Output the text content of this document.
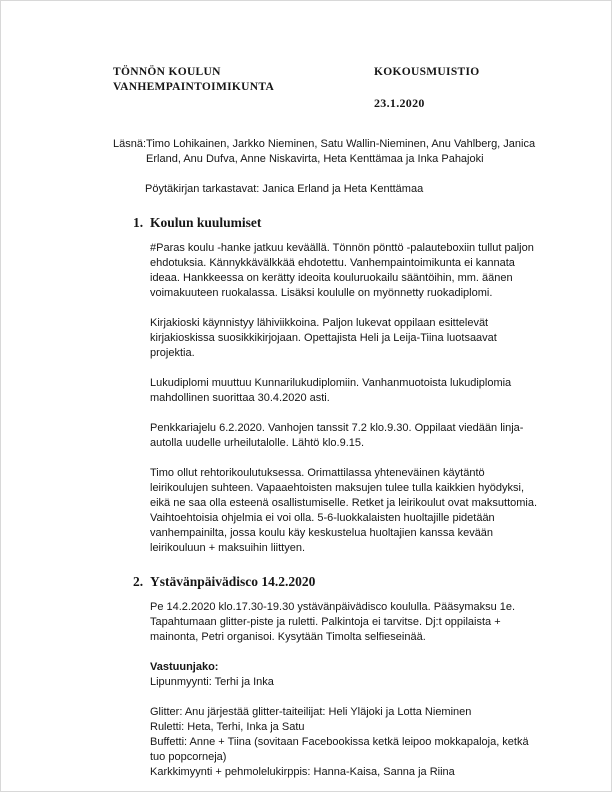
TÖNNÖN KOULUN
VANHEMPAINTOIMIKUNTA
KOKOUSMUISTIO
23.1.2020
Läsnä: Timo Lohikainen, Jarkko Nieminen, Satu Wallin-Nieminen, Anu Vahlberg, Janica Erland, Anu Dufva, Anne Niskavirta, Heta Kenttämaa ja Inka Pahajoki

Pöytäkirjan tarkastavat: Janica Erland ja Heta Kenttämaa

1. Koulun kuulumiset

#Paras koulu -hanke jatkuu keväällä. Tönnön pönttö -palauteboxiin tullut paljon ehdotuksia. Kännykkävälkkää ehdotettu. Vanhempaintoimikunta ei kannata ideaa. Hankkeessa on kerätty ideoita kouluruokailu sääntöihin, mm. äänen voimakuuteen ruokalassa. Lisäksi koululle on myönnetty ruokadiplomi.

Kirjakioski käynnistyy lähiviikkoina. Paljon lukevat oppilaan esittelevät kirjakioskissa suosikkikirjojaan. Opettajista Heli ja Leija-Tiina luotsaavat projektia.

Lukudiplomi muuttuu Kunnarilukudiplomiin. Vanhanmuotoista lukudiplomia mahdollinen suorittaa 30.4.2020 asti.

Penkkariajelu 6.2.2020. Vanhojen tanssit 7.2 klo.9.30. Oppilaat viedään linja-autolla uudelle urheilutalolle. Lähtö klo.9.15.

Timo ollut rehtorikoulutuksessa. Orimattilassa yhteneväinen käytäntö leirikoulujen suhteen. Vapaaehtoisten maksujen tulee tulla kaikkien hyödyksi, eikä ne saa olla esteenä osallistumiselle. Retket ja leirikoulut ovat maksuttomia. Vaihtoehtoisia ohjelmia ei voi olla. 5-6-luokkalaisten huoltajille pidetään vanhempainilta, jossa koulu käy keskustelua huoltajien kanssa kevään leirikouluun + maksuihin liittyen.

2. Ystävänpäivädisco 14.2.2020

Pe 14.2.2020 klo.17.30-19.30 ystävänpäivädisco koululla. Pääsymaksu 1e. Tapahtumaan glitter-piste ja ruletti. Palkintoja ei tarvitse. Dj:t oppilaista + mainonta, Petri organisoi. Kysytään Timolta selfieseinää.

Vastuunjako:

Lipunmyynti: Terhi ja Inka

Glitter: Anu järjestää glitter-taiteilijat: Heli Yläjoki ja Lotta Nieminen

Ruletti: Heta, Terhi, Inka ja Satu

Buffetti: Anne + Tiina (sovitaan Facebookissa ketkä leipoo mokkapaloja, ketkä tuo popcorneja)

Karkkimyynti + pehmolelukirppis: Hanna-Kaisa, Sanna ja Riina
